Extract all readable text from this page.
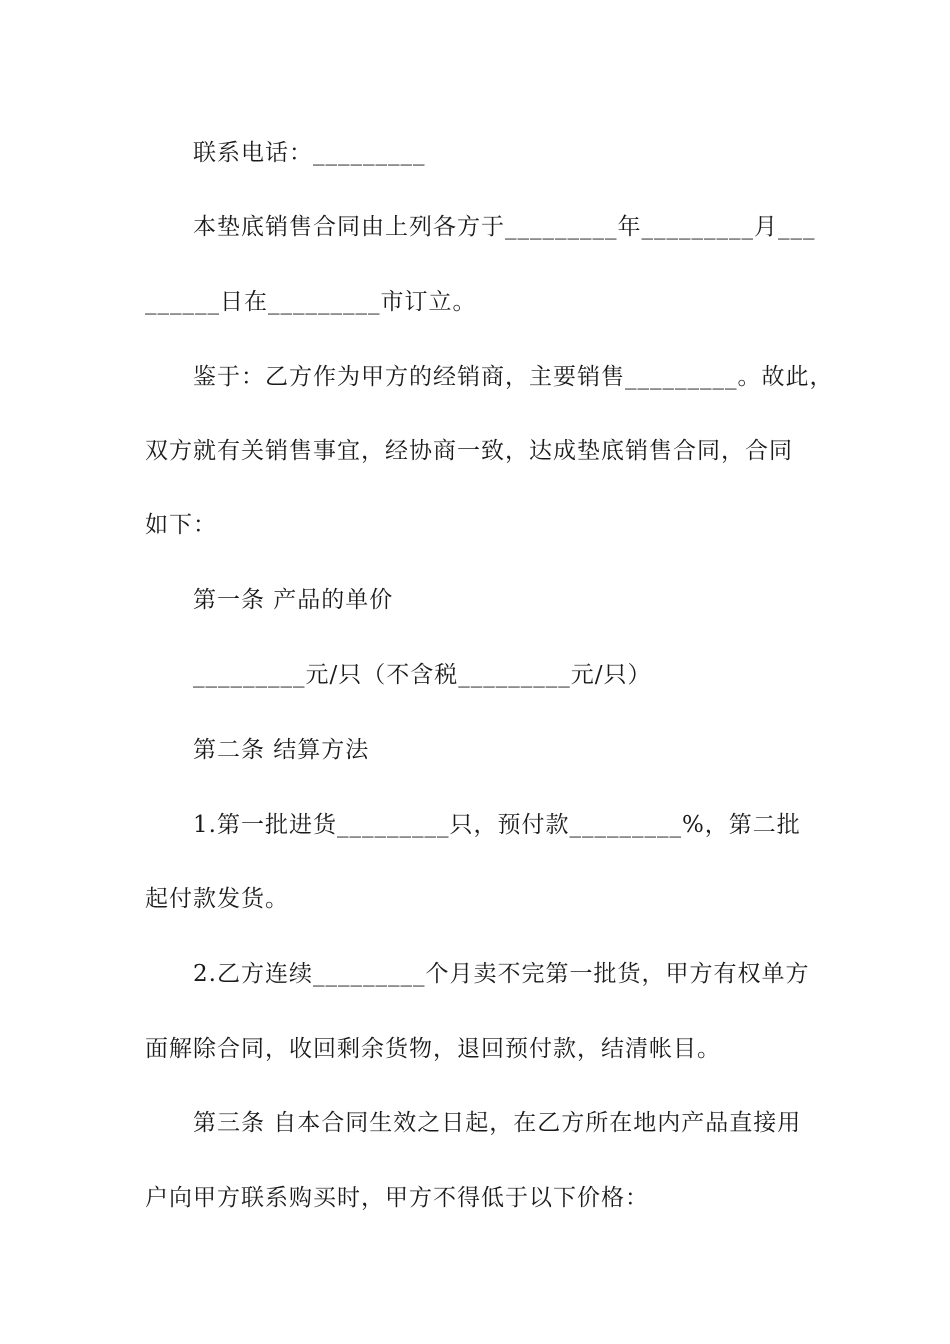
联系电话：_________
本垫底销售合同由上列各方于_________年_________月___
______日在_________市订立。
鉴于：乙方作为甲方的经销商，主要销售_________。故此，
双方就有关销售事宜，经协商一致，达成垫底销售合同，合同
如下：
第一条 产品的单价
_________元/只（不含税_________元/只）
第二条 结算方法
1.第一批进货_________只，预付款_________%，第二批
起付款发货。
2.乙方连续_________个月卖不完第一批货，甲方有权单方
面解除合同，收回剩余货物，退回预付款，结清帐目。
第三条 自本合同生效之日起，在乙方所在地内产品直接用
户向甲方联系购买时，甲方不得低于以下价格：
